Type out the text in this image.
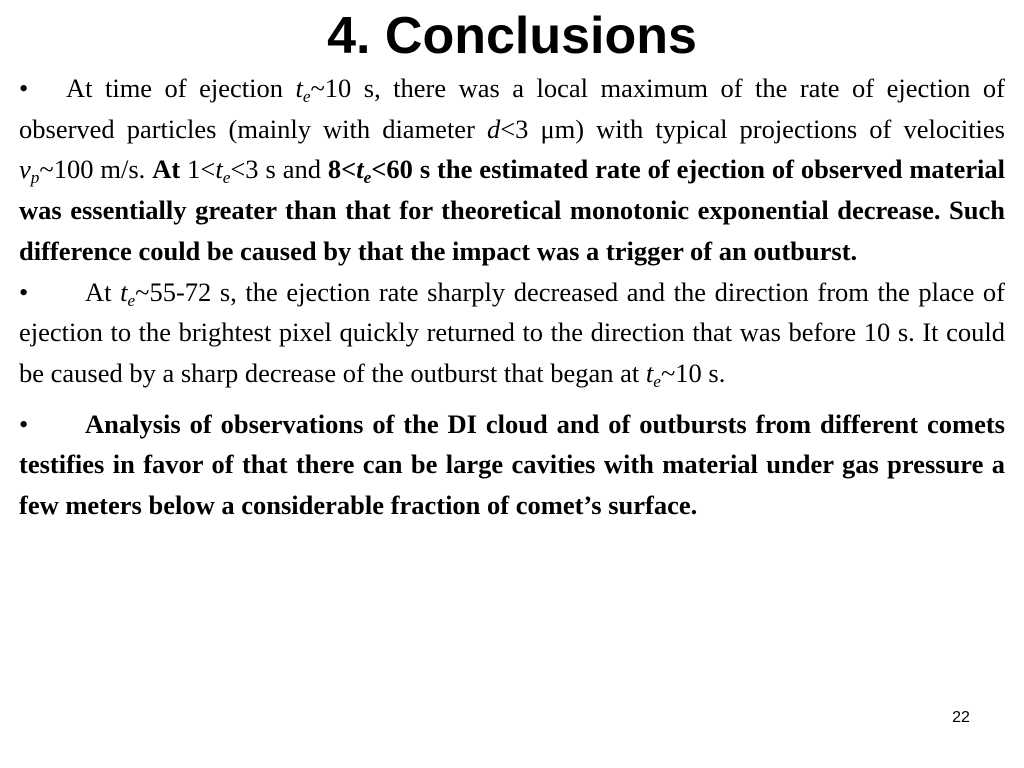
4. Conclusions

• At time of ejection $t_e\sim 10$ s, there was a local maximum of the rate of ejection of observed particles (mainly with diameter d<3 μm) with typical projections of velocities $v_p\sim 100$ m/s. At $1<t_e<3$ s and $8<t_e<60$ s the estimated rate of ejection of observed material was essentially greater than that for theoretical monotonic exponential decrease. Such difference could be caused by that the impact was a trigger of an outburst.

• At $t_e\sim 55-72$ s, the ejection rate sharply decreased and the direction from the place of ejection to the brightest pixel quickly returned to the direction that was before 10 s. It could be caused by a sharp decrease of the outburst that began at $t_e\sim 10$ s.

• Analysis of observations of the DI cloud and of outbursts from different comets testifies in favor of that there can be large cavities with material under gas pressure a few meters below a considerable fraction of comet’s surface.

22
